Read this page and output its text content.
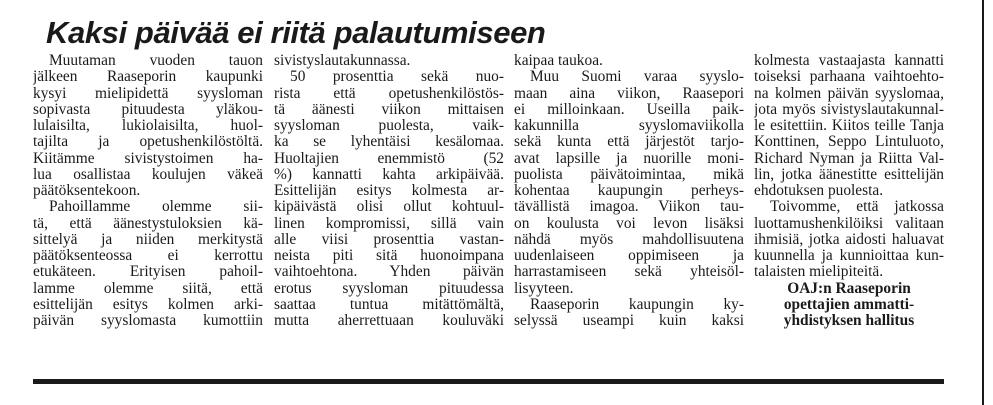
Kaksi päivää ei riitä palautumiseen
Muutaman vuoden tauon
jälkeen Raaseporin kaupunki
kysyi mielipidettä syysloman
sopivasta pituudesta yläkou-
lulaisilta, lukiolaisilta, huol-
tajilta ja opetushenkilöstöltä.
Kiitämme sivistystoimen ha-
lua osallistaa koulujen väkeä
päätöksentekoon.
Pahoillamme olemme sii-
tä, että äänestystuloksien kä-
sittelyä ja niiden merkitystä
päätöksenteossa ei kerrottu
etukäteen. Erityisen pahoil-
lamme olemme siitä, että
esittelijän esitys kolmen arki-
päivän syyslomasta kumottiin
sivistyslautakunnassa.
50 prosenttia sekä nuo-
rista että opetushenkilöstös-
tä äänesti viikon mittaisen
syysloman puolesta, vaik-
ka se lyhentäisi kesälomaa.
Huoltajien enemmistö (52
%) kannatti kahta arkipäivää.
Esittelijän esitys kolmesta ar-
kipäivästä olisi ollut kohtuul-
linen kompromissi, sillä vain
alle viisi prosenttia vastan-
neista piti sitä huonoimpana
vaihtoehtona. Yhden päivän
erotus syysloman pituudessa
saattaa tuntua mitättömältä,
mutta aherrettuaan kouluväki
kaipaa taukoa.
Muu Suomi varaa syyslo-
maan aina viikon, Raasepori
ei milloinkaan. Useilla paik-
kakunnilla syyslomaviikolla
sekä kunta että järjestöt tarjo-
avat lapsille ja nuorille moni-
puolista päivätoimintaa, mikä
kohentaa kaupungin perheys-
tävällistä imagoa. Viikon tau-
on koulusta voi levon lisäksi
nähdä myös mahdollisuutena
uudenlaiseen oppimiseen ja
harrastamiseen sekä yhteisöl-
lisyyteen.
Raaseporin kaupungin ky-
selyssä useampi kuin kaksi
kolmesta vastaajasta kannatti
toiseksi parhaana vaihtoehto-
na kolmen päivän syyslomaa,
jota myös sivistyslautakunnal-
le esitettiin. Kiitos teille Tanja
Konttinen, Seppo Lintuluoto,
Richard Nyman ja Riitta Val-
lin, jotka äänestitte esittelijän
ehdotuksen puolesta.
Toivomme, että jatkossa
luottamushenkilöiksi valitaan
ihmisiä, jotka aidosti haluavat
kuunnella ja kunnioittaa kun-
talaisten mielipiteitä.
OAJ:n Raaseporin
opettajien ammatti-
yhdistyksen hallitus
